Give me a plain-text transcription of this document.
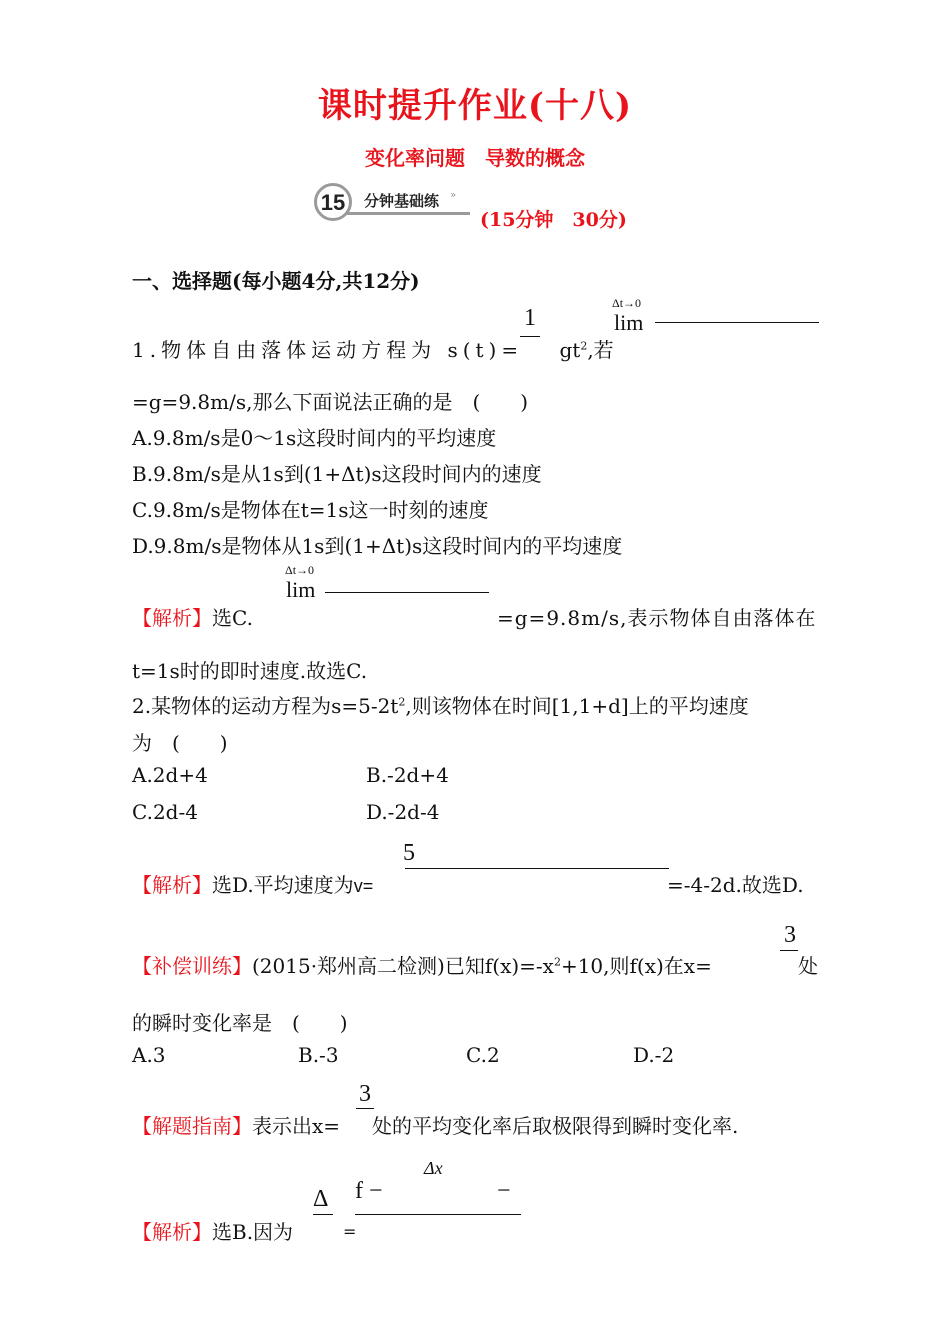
课时提升作业(十八)
变化率问题　导数的概念
15	分钟基础练 »
(15分钟　30分)
一、选择题(每小题4分,共12分)
1.物体自由落体运动方程为 $s(t)= gt^2$,若
1
Δt→0
lim
=g=9.8m/s,那么下面说法正确的是　(　　)
A.9.8m/s是0～1s这段时间内的平均速度
B.9.8m/s是从1s到(1+Δt)s这段时间内的速度
C.9.8m/s是物体在t=1s这一时刻的速度
D.9.8m/s是物体从1s到(1+Δt)s这段时间内的平均速度
Δt→0
lim
【解析】选C.	=g=9.8m/s,表示物体自由落体在
t=1s时的即时速度.故选C.
2.某物体的运动方程为$s=5-2t^2$,则该物体在时间[1,1+d]上的平均速度
为　(　　)
A.2d+4	B.-2d+4
C.2d-4	D.-2d-4
5
【解析】选D.平均速度为v=	=-4-2d.故选D.
3
【补偿训练】(2015·郑州高二检测)已知$f(x)=-x^2+10$,则f(x)在x=	处
的瞬时变化率是　(　　)
A.3	B.-3	C.2	D.-2
3
【解题指南】表示出x= 处的平均变化率后取极限得到瞬时变化率.
Δx
Δ f −	−
【解析】选B.因为	=
